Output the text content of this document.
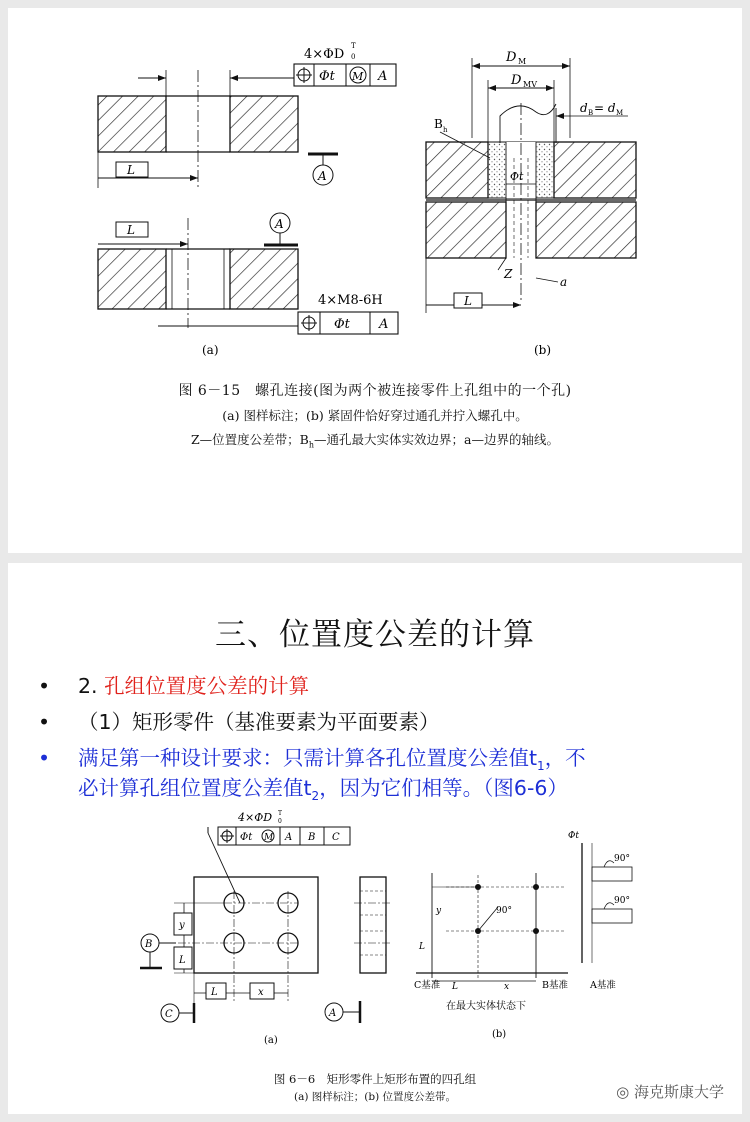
4×ΦD
T
0
Φt M A
L	A
L	A
4×M8-6H
Φt A
(a)
D M
D MV
d B = d M
B h
Φt
Z
a
L
(b)
图 6－15　螺孔连接(图为两个被连接零件上孔组中的一个孔)
(a) 图样标注；(b) 紧固件恰好穿过通孔并拧入螺孔中。
Z—位置度公差带；$B_h—$通孔最大实体实效边界；a—边界的轴线。
三、位置度公差的计算
• 2. 孔组位置度公差的计算
• （1）矩形零件（基准要素为平面要素）
• 满足第一种设计要求：只需计算各孔位置度公差值$t_1$，不
必计算孔组位置度公差值$t_2$，因为它们相等。（图6-6）
4×ΦD T
0
Φt M A B C
y
L
B
L	x
C	A
(a)
90°
y
L
C基准 L	x	B基准
在最大实体状态下
Φt
90°
90°
A基准
(b)
图 6－6　矩形零件上矩形布置的四孔组
(a) 图样标注；(b) 位置度公差带。	◎ 海克斯康大学
